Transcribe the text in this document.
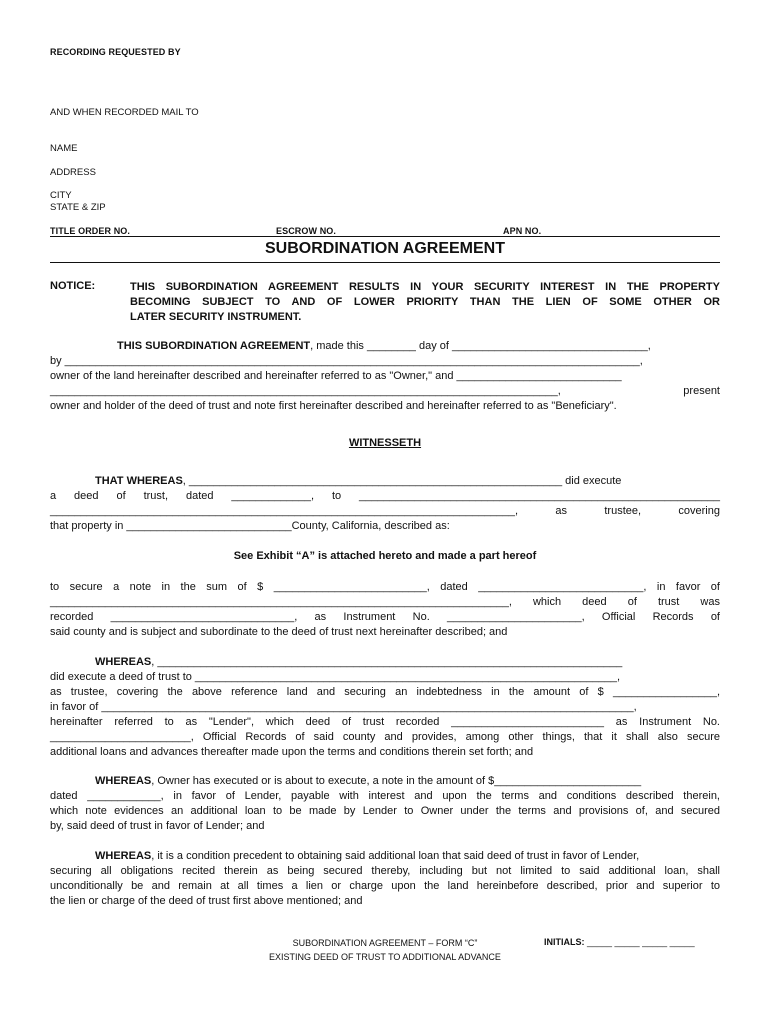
RECORDING REQUESTED BY
AND WHEN RECORDED MAIL TO
NAME
ADDRESS
CITY
STATE & ZIP
TITLE ORDER NO.	ESCROW NO.	APN NO.
SUBORDINATION AGREEMENT
NOTICE:	THIS SUBORDINATION AGREEMENT RESULTS IN YOUR SECURITY INTEREST IN THE PROPERTY
BECOMING SUBJECT TO AND OF LOWER PRIORITY THAN THE LIEN OF SOME OTHER OR
LATER SECURITY INSTRUMENT.
THIS SUBORDINATION AGREEMENT, made this ________ day of ________________________________,
by ______________________________________________________________________________________________,
owner of the land hereinafter described and hereinafter referred to as "Owner," and ___________________________
___________________________________________________________________________________, present
owner and holder of the deed of trust and note first hereinafter described and hereinafter referred to as "Beneficiary".
WITNESSETH
THAT WHEREAS, _____________________________________________________________ did execute
a deed of trust, dated _____________, to ___________________________________________________________
____________________________________________________________________________, as trustee, covering
that property in ___________________________County, California, described as:
See Exhibit “A” is attached hereto and made a part hereof
to secure a note in the sum of $ _________________________, dated ___________________________, in favor of
___________________________________________________________________________, which deed of trust was
recorded ______________________________, as Instrument No. ______________________, Official Records of
said county and is subject and subordinate to the deed of trust next hereinafter described; and
WHEREAS, ____________________________________________________________________________
did execute a deed of trust to _____________________________________________________________________,
as trustee, covering the above reference land and securing an indebtedness in the amount of $ _________________,
in favor of _______________________________________________________________________________________,
hereinafter referred to as "Lender", which deed of trust recorded _________________________ as Instrument No.
_______________________, Official Records of said county and provides, among other things, that it shall also secure
additional loans and advances thereafter made upon the terms and conditions therein set forth; and
WHEREAS, Owner has executed or is about to execute, a note in the amount of $________________________
dated ____________, in favor of Lender, payable with interest and upon the terms and conditions described therein,
which note evidences an additional loan to be made by Lender to Owner under the terms and provisions of, and secured
by, said deed of trust in favor of Lender; and
WHEREAS, it is a condition precedent to obtaining said additional loan that said deed of trust in favor of Lender,
securing all obligations recited therein as being secured thereby, including but not limited to said additional loan, shall
unconditionally be and remain at all times a lien or charge upon the land hereinbefore described, prior and superior to
the lien or charge of the deed of trust first above mentioned; and
SUBORDINATION AGREEMENT – FORM “C”
EXISTING DEED OF TRUST TO ADDITIONAL ADVANCE
INITIALS: _____ _____ _____ _____
